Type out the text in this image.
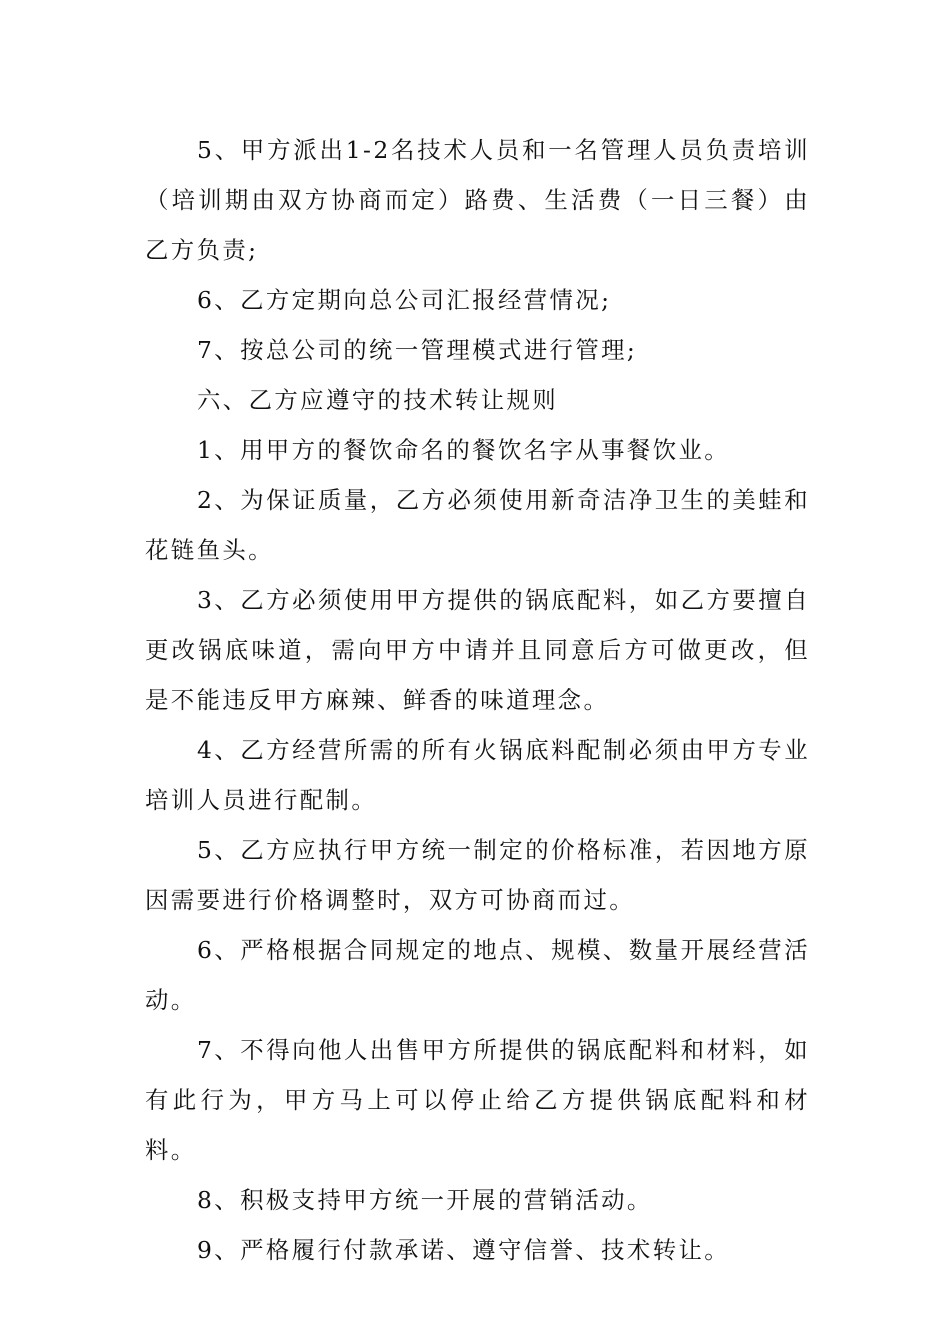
5、甲方派出1-2名技术人员和一名管理人员负责培训（培训期由双方协商而定）路费、生活费（一日三餐）由乙方负责;

6、乙方定期向总公司汇报经营情况;

7、按总公司的统一管理模式进行管理;

六、乙方应遵守的技术转让规则

1、用甲方的餐饮命名的餐饮名字从事餐饮业。

2、为保证质量，乙方必须使用新奇洁净卫生的美蛙和花链鱼头。

3、乙方必须使用甲方提供的锅底配料，如乙方要擅自更改锅底味道，需向甲方中请并且同意后方可做更改，但是不能违反甲方麻辣、鲜香的味道理念。

4、乙方经营所需的所有火锅底料配制必须由甲方专业培训人员进行配制。

5、乙方应执行甲方统一制定的价格标准，若因地方原因需要进行价格调整时，双方可协商而过。

6、严格根据合同规定的地点、规模、数量开展经营活动。

7、不得向他人出售甲方所提供的锅底配料和材料，如有此行为，甲方马上可以停止给乙方提供锅底配料和材料。

8、积极支持甲方统一开展的营销活动。

9、严格履行付款承诺、遵守信誉、技术转让。
